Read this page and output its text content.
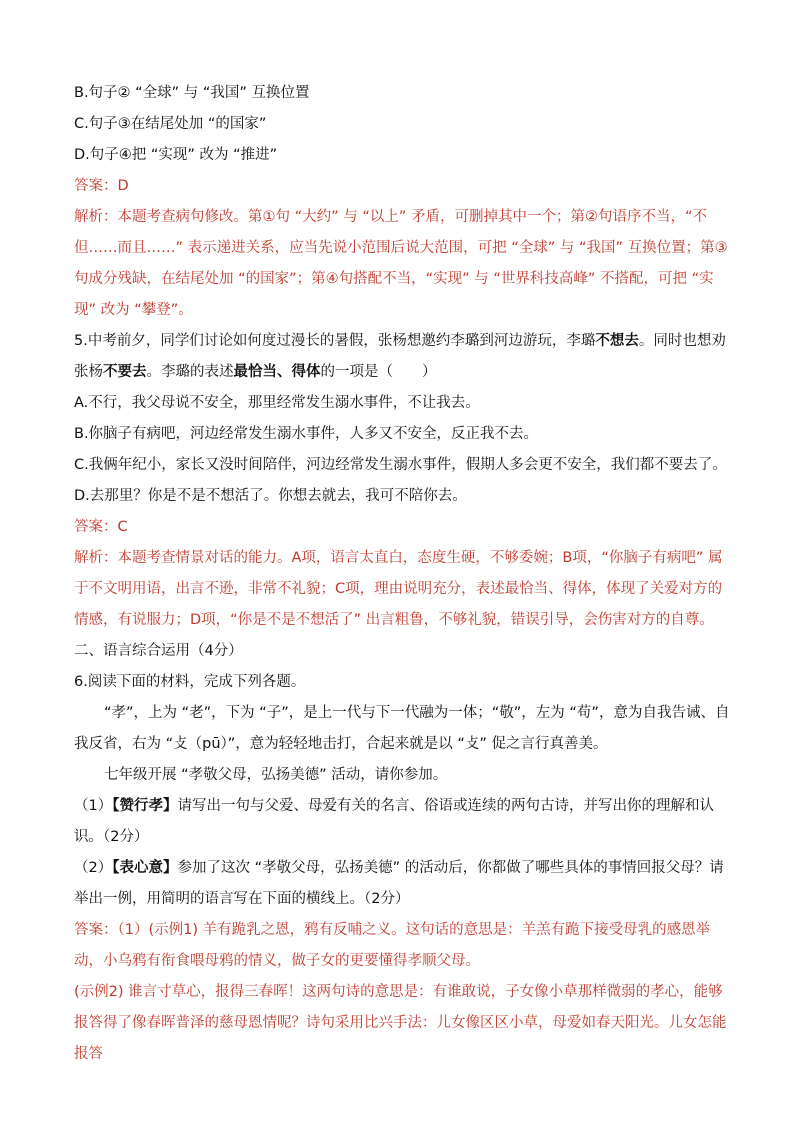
B.句子② “全球” 与 “我国” 互换位置

C.句子③在结尾处加 “的国家”

D.句子④把 “实现” 改为 “推进”

答案：D

解析：本题考查病句修改。第①句 “大约” 与 “以上” 矛盾，可删掉其中一个；第②句语序不当，“不但……而且……” 表示递进关系，应当先说小范围后说大范围，可把 “全球” 与 “我国” 互换位置；第③句成分残缺，在结尾处加 “的国家”；第④句搭配不当，“实现” 与 “世界科技高峰” 不搭配，可把 “实现” 改为 “攀登”。

5.中考前夕，同学们讨论如何度过漫长的暑假，张杨想邀约李璐到河边游玩，李璐不想去。同时也想劝张杨不要去。李璐的表述最恰当、得体的一项是（　　）

A.不行，我父母说不安全，那里经常发生溺水事件，不让我去。

B.你脑子有病吧，河边经常发生溺水事件，人多又不安全，反正我不去。

C.我俩年纪小，家长又没时间陪伴，河边经常发生溺水事件，假期人多会更不安全，我们都不要去了。

D.去那里？你是不是不想活了。你想去就去，我可不陪你去。

答案：C

解析：本题考查情景对话的能力。A项，语言太直白，态度生硬，不够委婉；B项，“你脑子有病吧” 属于不文明用语，出言不逊，非常不礼貌；C项，理由说明充分，表述最恰当、得体，体现了关爱对方的情感，有说服力；D项，“你是不是不想活了” 出言粗鲁，不够礼貌，错误引导，会伤害对方的自尊。

二、语言综合运用（4分）

6.阅读下面的材料，完成下列各题。

“孝”，上为 “老”，下为 “子”，是上一代与下一代融为一体；“敬”，左为 “苟”，意为自我告诫、自我反省，右为 “攴（pū）”，意为轻轻地击打，合起来就是以 “攴” 促之言行真善美。

七年级开展 “孝敬父母，弘扬美德” 活动，请你参加。

（1）【赞行孝】请写出一句与父爱、母爱有关的名言、俗语或连续的两句古诗，并写出你的理解和认识。（2分）

（2）【表心意】参加了这次 “孝敬父母，弘扬美德” 的活动后，你都做了哪些具体的事情回报父母？请举出一例，用简明的语言写在下面的横线上。（2分）

答案：（1）(示例1) 羊有跪乳之恩，鸦有反哺之义。这句话的意思是：羊羔有跪下接受母乳的感恩举动，小乌鸦有衔食喂母鸦的情义，做子女的更要懂得孝顺父母。

(示例2) 谁言寸草心，报得三春晖！这两句诗的意思是：有谁敢说，子女像小草那样微弱的孝心，能够报答得了像春晖普泽的慈母恩情呢？诗句采用比兴手法：儿女像区区小草，母爱如春天阳光。儿女怎能报答
